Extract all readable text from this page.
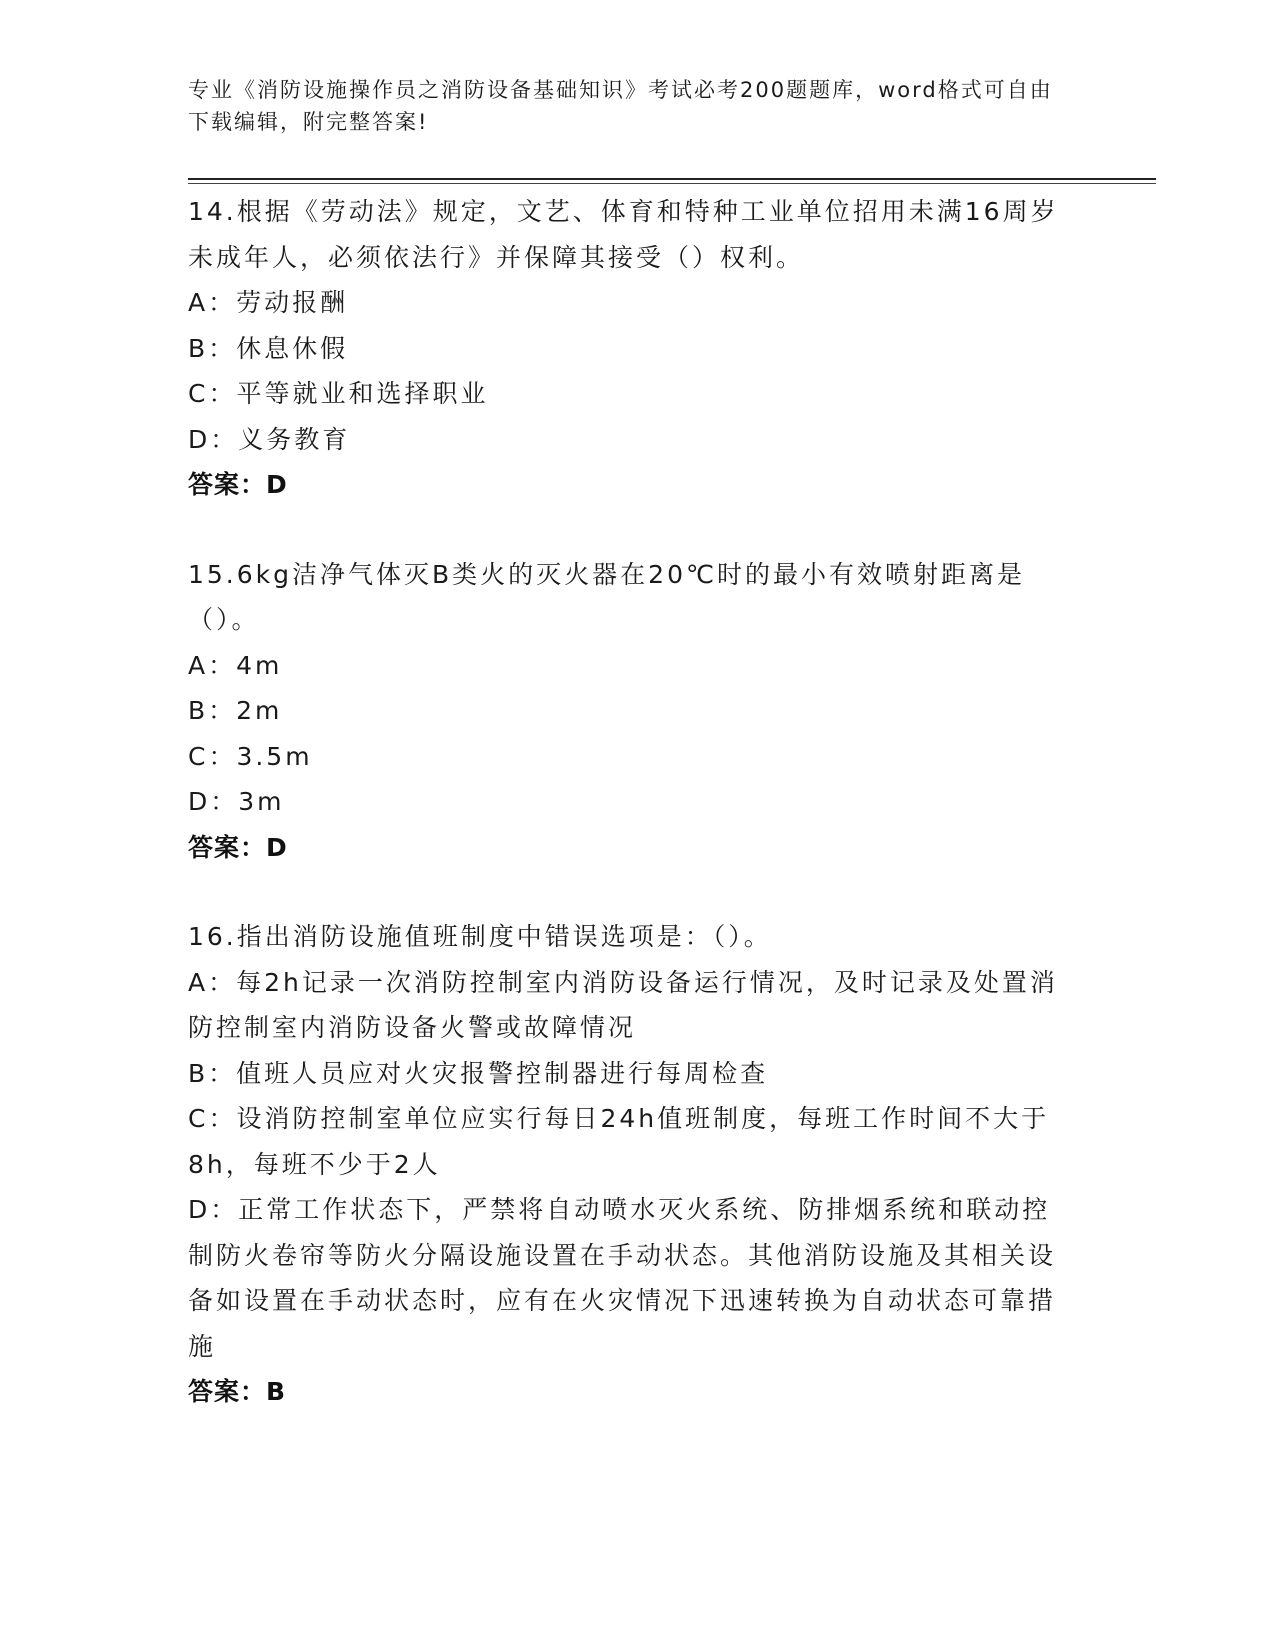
专业《消防设施操作员之消防设备基础知识》考试必考200题题库，word格式可自由下载编辑，附完整答案!

14.根据《劳动法》规定，文艺、体育和特种工业单位招用未满16周岁未成年人，必须依法行》并保障其接受（）权利。

A：劳动报酬

B：休息休假

C：平等就业和选择职业

D：义务教育

答案：D

15.6kg洁净气体灭B类火的灭火器在20℃时的最小有效喷射距离是（）。

A：4m

B：2m

C：3.5m

D：3m

答案：D

16.指出消防设施值班制度中错误选项是：（）。

A：每2h记录一次消防控制室内消防设备运行情况，及时记录及处置消防控制室内消防设备火警或故障情况

B：值班人员应对火灾报警控制器进行每周检查

C：设消防控制室单位应实行每日24h值班制度，每班工作时间不大于8h，每班不少于2人

D：正常工作状态下，严禁将自动喷水灭火系统、防排烟系统和联动控制防火卷帘等防火分隔设施设置在手动状态。其他消防设施及其相关设备如设置在手动状态时，应有在火灾情况下迅速转换为自动状态可靠措施

答案：B
